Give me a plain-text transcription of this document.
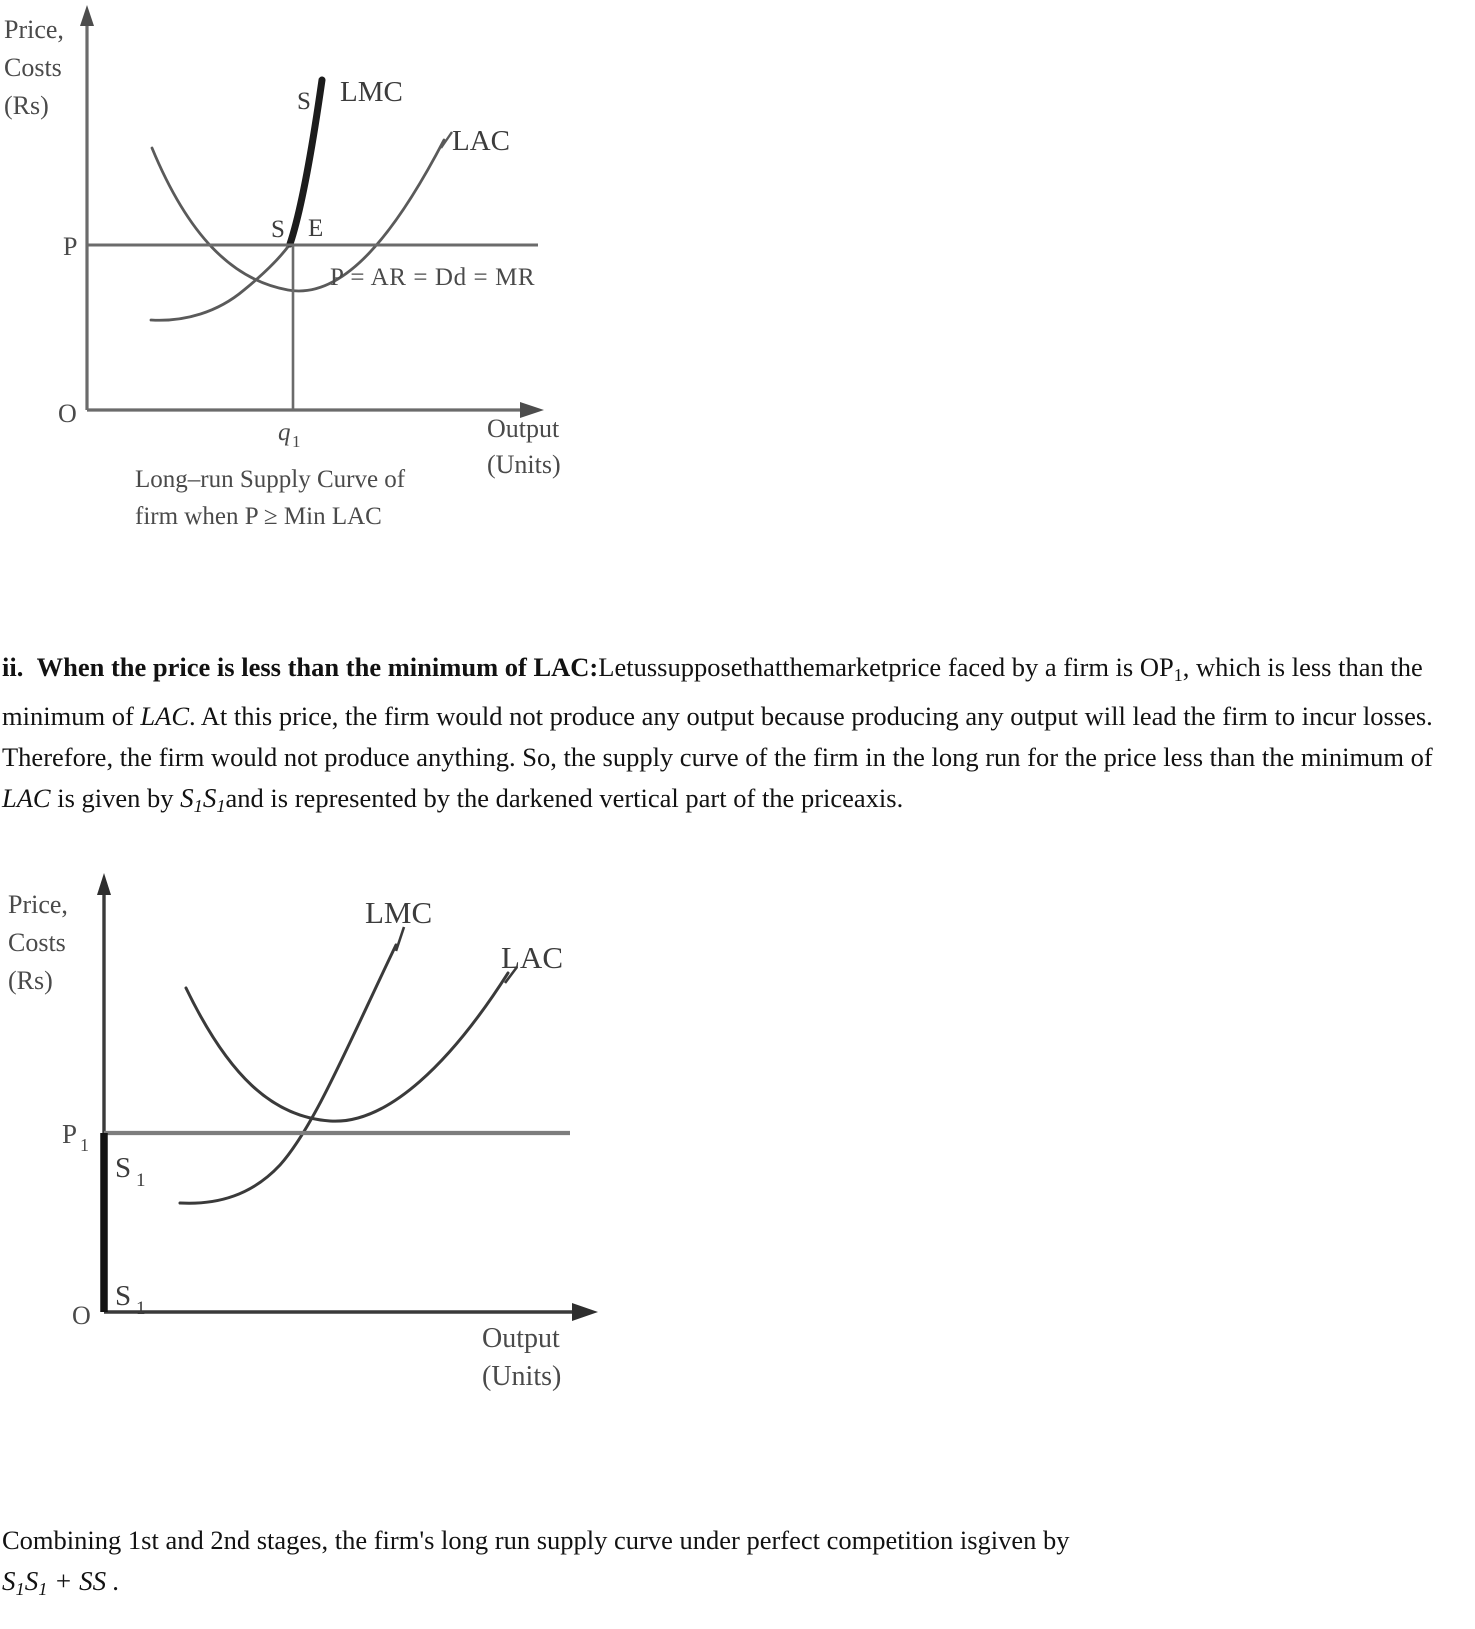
Price,
Costs
(Rs)
P
O
q 1	Output
(Units)
LMC
LAC
S
S E
P = AR = Dd = MR
Long–run Supply Curve of
firm when P ≥ Min LAC

ii. When the price is less than the minimum of LAC:Letussupposethatthemarketprice faced by a firm is $OP_1$, which is less than the minimum of LAC. At this price, the firm would not produce any output because producing any output will lead the firm to incur losses. Therefore, the firm would not produce anything. So, the supply curve of the firm in the long run for the price less than the minimum of LAC is given by $S_1S_1and$ is represented by the darkened vertical part of the priceaxis.

Price,
Costs
(Rs)
P 1
O
S 1
S 1
LMC
LAC
Output
(Units)
Combining 1st and 2nd stages, the firm's long run supply curve under perfect competition isgiven by
$S_1S_1$ + SS .
